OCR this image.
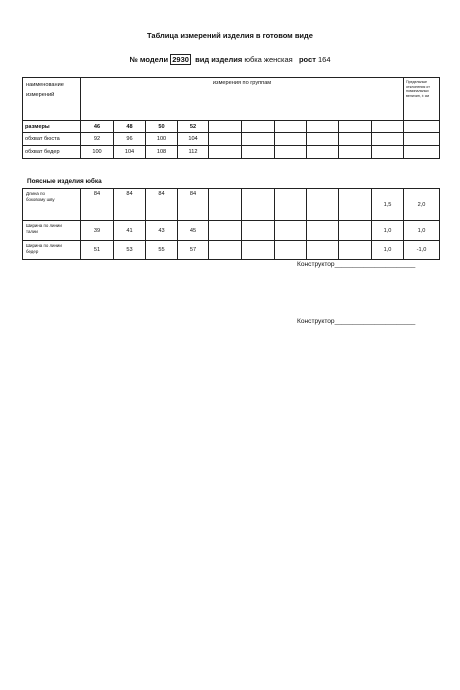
Таблица измерений изделия в готовом виде
№ модели 2930 вид изделия юбка женская рост 164
наименование
измерений	измерения по группам										Предельные отклонения от номинальных величин, ± см
размеры	46	48	50	52							
обхват бюста	92	96	100	104							
обхват бедер	100	104	108	112							
Поясные изделия юбка
Длина по
боковому шву	84	84	84	84						1,5	2,0
Ширина по линии
талии	39	41	43	45						1,0	1,0
Ширина по линии
бедер	51	53	55	57						1,0	-1,0
Конструктор______________________
Конструктор______________________
